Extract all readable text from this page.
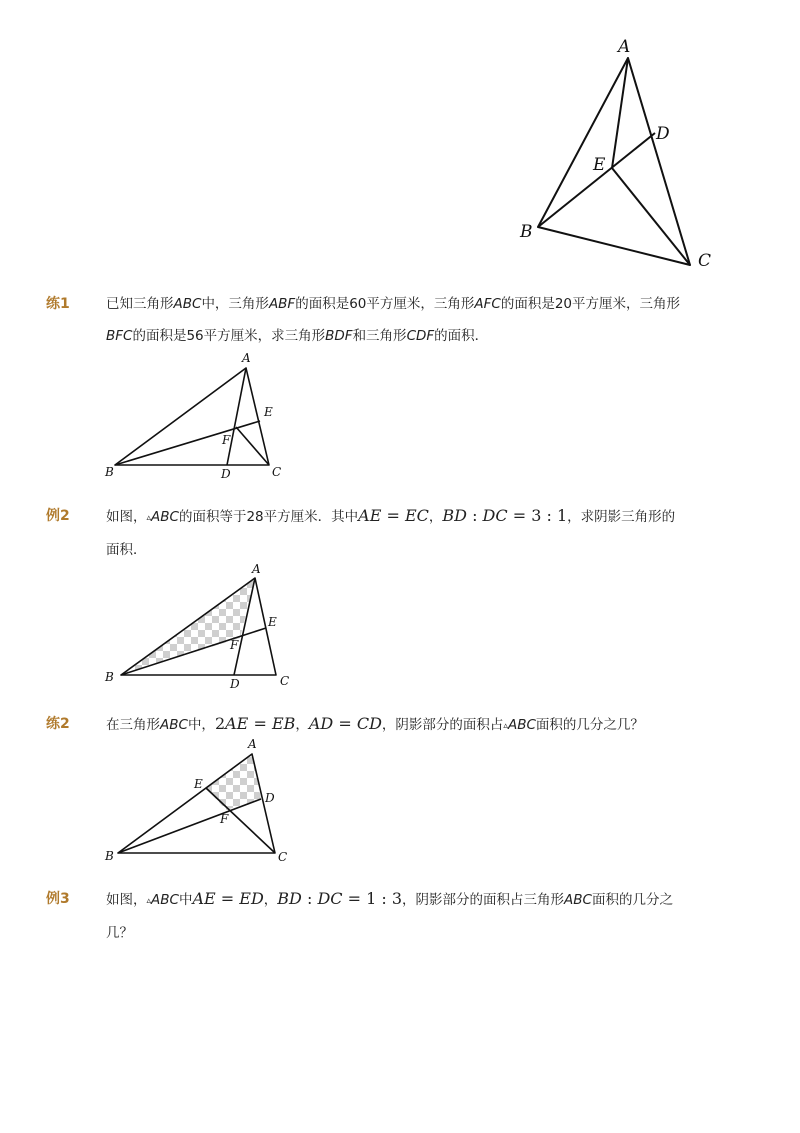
A
B
C
D
E
练1	已知三角形ABC中，三角形ABF的面积是60平方厘米，三角形AFC的面积是20平方厘米，三角形
BFC的面积是56平方厘米，求三角形BDF和三角形CDF的面积．
A
B	C
D
E
F
例2	如图，▵ABC的面积等于28平方厘米．其中AE = EC，BD : DC = 3 : 1，求阴影三角形的
面积．
A
B	C
D
E
F
练2	在三角形ABC中，2AE = EB，AD = CD，阴影部分的面积占▵ABC面积的几分之几？
A
B	C
D
E
F
例3	如图，▵ABC中AE = ED，BD : DC = 1 : 3，阴影部分的面积占三角形ABC面积的几分之
几？
